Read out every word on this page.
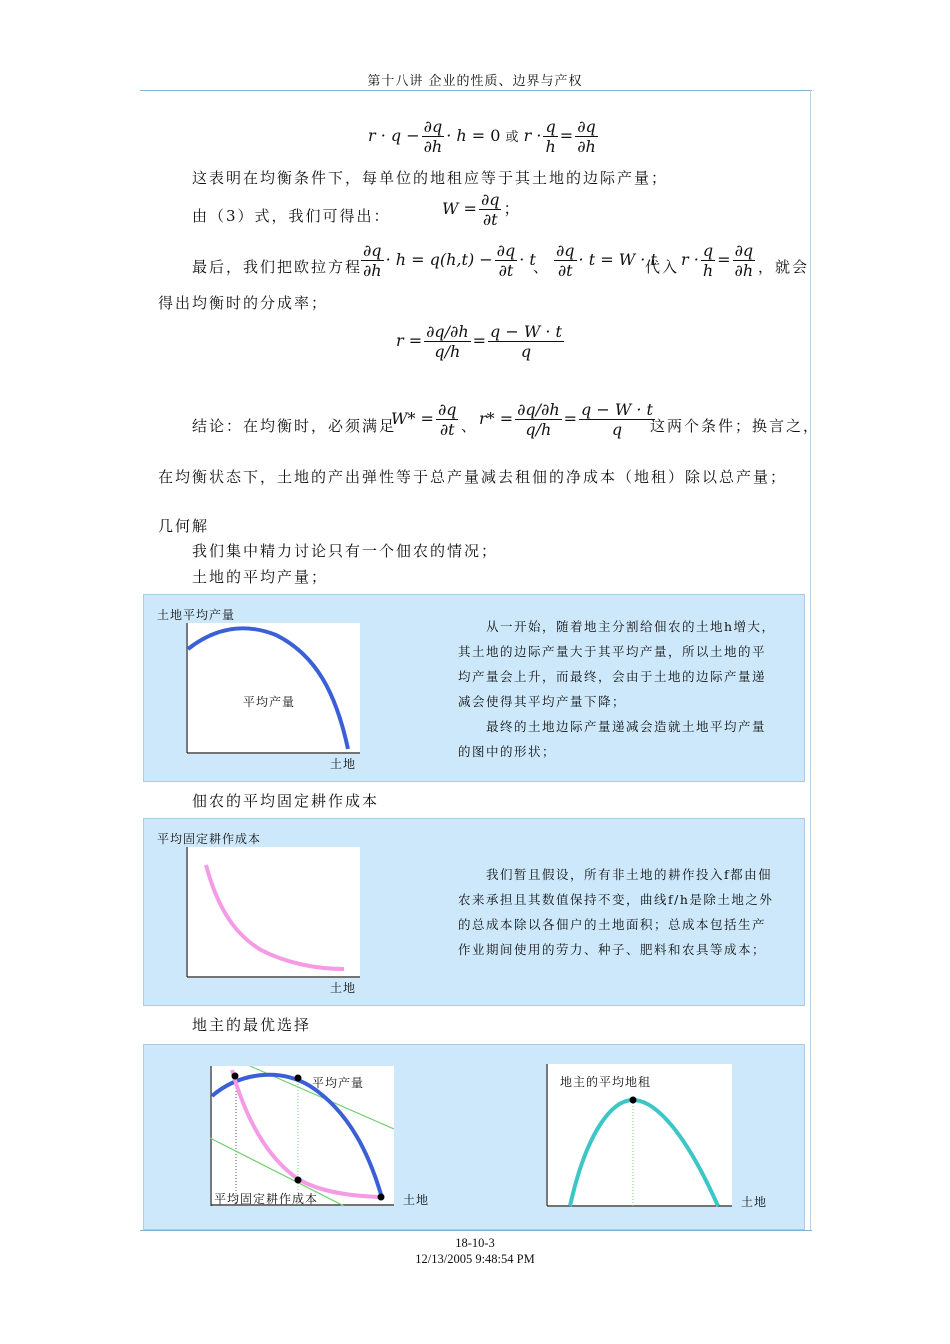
第十八讲 企业的性质、边界与产权
$r \cdot q - \frac{\partial q}{\partial h} \cdot h = 0$ 或 $r \cdot \frac{q}{h} = \frac{\partial q}{\partial h}$
这表明在均衡条件下，每单位的地租应等于其土地的边际产量；
由（3）式，我们可得出：	$W = \frac{\partial q}{\partial t}$ ；
最后，我们把欧拉方程
$\frac{\partial q}{\partial h} \cdot h = q(h,t) - \frac{\partial q}{\partial t} \cdot t$
、 $\frac{\partial q}{\partial t} \cdot t = W \cdot t$
代入 $r \cdot \frac{q}{h} = \frac{\partial q}{\partial h}$ ，就会
得出均衡时的分成率；
$r = \frac{\partial q/\partial h}{q/h} = \frac{q - W \cdot t}{q}$
结论：在均衡时，必须满足
$W* = \frac{\partial q}{\partial t}$ 、 $r* = \frac{\partial q/\partial h}{q/h} = \frac{q - W \cdot t}{q}$
这两个条件；换言之，
在均衡状态下，土地的产出弹性等于总产量减去租佃的净成本（地租）除以总产量；
几何解
我们集中精力讨论只有一个佃农的情况；
土地的平均产量；
土地平均产量
平均产量
土地
从一开始，随着地主分割给佃农的土地h增大，
其土地的边际产量大于其平均产量，所以土地的平
均产量会上升，而最终，会由于土地的边际产量递
减会使得其平均产量下降；
最终的土地边际产量递减会造就土地平均产量
的图中的形状；
佃农的平均固定耕作成本
平均固定耕作成本
土地
我们暂且假设，所有非土地的耕作投入f都由佃
农来承担且其数值保持不变，曲线f/h是除土地之外
的总成本除以各佃户的土地面积；总成本包括生产
作业期间使用的劳力、种子、肥料和农具等成本；
地主的最优选择
平均产量
平均固定耕作成本	土地
地主的平均地租
土地
18-10-3
12/13/2005 9:48:54 PM
